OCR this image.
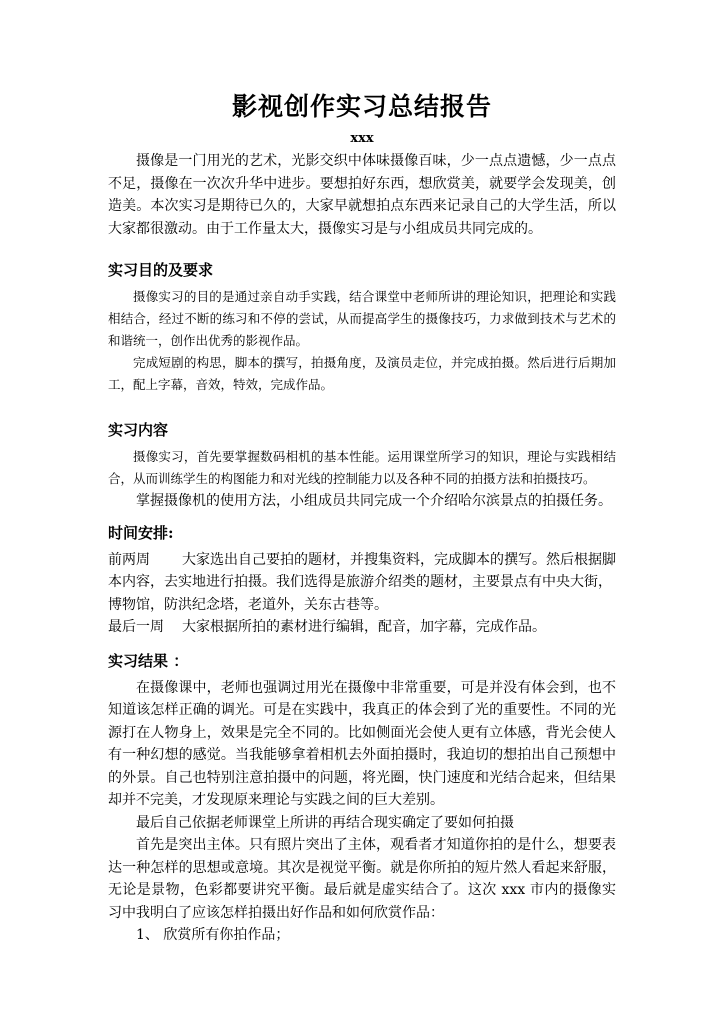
影视创作实习总结报告
xxx

摄像是一门用光的艺术，光影交织中体味摄像百味，少一点点遗憾，少一点点不足，摄像在一次次升华中进步。要想拍好东西，想欣赏美，就要学会发现美，创造美。本次实习是期待已久的，大家早就想拍点东西来记录自己的大学生活，所以大家都很激动。由于工作量太大，摄像实习是与小组成员共同完成的。

实习目的及要求

摄像实习的目的是通过亲自动手实践，结合课堂中老师所讲的理论知识，把理论和实践相结合，经过不断的练习和不停的尝试，从而提高学生的摄像技巧，力求做到技术与艺术的和谐统一，创作出优秀的影视作品。

完成短剧的构思，脚本的撰写，拍摄角度，及演员走位，并完成拍摄。然后进行后期加工，配上字幕，音效，特效，完成作品。

实习内容

摄像实习，首先要掌握数码相机的基本性能。运用课堂所学习的知识，理论与实践相结合，从而训练学生的构图能力和对光线的控制能力以及各种不同的拍摄方法和拍摄技巧。

掌握摄像机的使用方法，小组成员共同完成一个介绍哈尔滨景点的拍摄任务。

时间安排:
前两周 大家选出自己要拍的题材，并搜集资料，完成脚本的撰写。然后根据脚本内容，去实地进行拍摄。我们选得是旅游介绍类的题材，主要景点有中央大街，博物馆，防洪纪念塔，老道外，关东古巷等。
最后一周 大家根据所拍的素材进行编辑，配音，加字幕，完成作品。
实习结果 ：

在摄像课中，老师也强调过用光在摄像中非常重要，可是并没有体会到，也不知道该怎样正确的调光。可是在实践中，我真正的体会到了光的重要性。不同的光源打在人物身上，效果是完全不同的。比如侧面光会使人更有立体感，背光会使人有一种幻想的感觉。当我能够拿着相机去外面拍摄时，我迫切的想拍出自己预想中的外景。自己也特别注意拍摄中的问题，将光圈，快门速度和光结合起来，但结果却并不完美，才发现原来理论与实践之间的巨大差别。

最后自己依据老师课堂上所讲的再结合现实确定了要如何拍摄

首先是突出主体。只有照片突出了主体，观看者才知道你拍的是什么，想要表达一种怎样的思想或意境。其次是视觉平衡。就是你所拍的短片然人看起来舒服，无论是景物，色彩都要讲究平衡。最后就是虚实结合了。这次 xxx 市内的摄像实习中我明白了应该怎样拍摄出好作品和如何欣赏作品：

1、 欣赏所有你拍作品；
